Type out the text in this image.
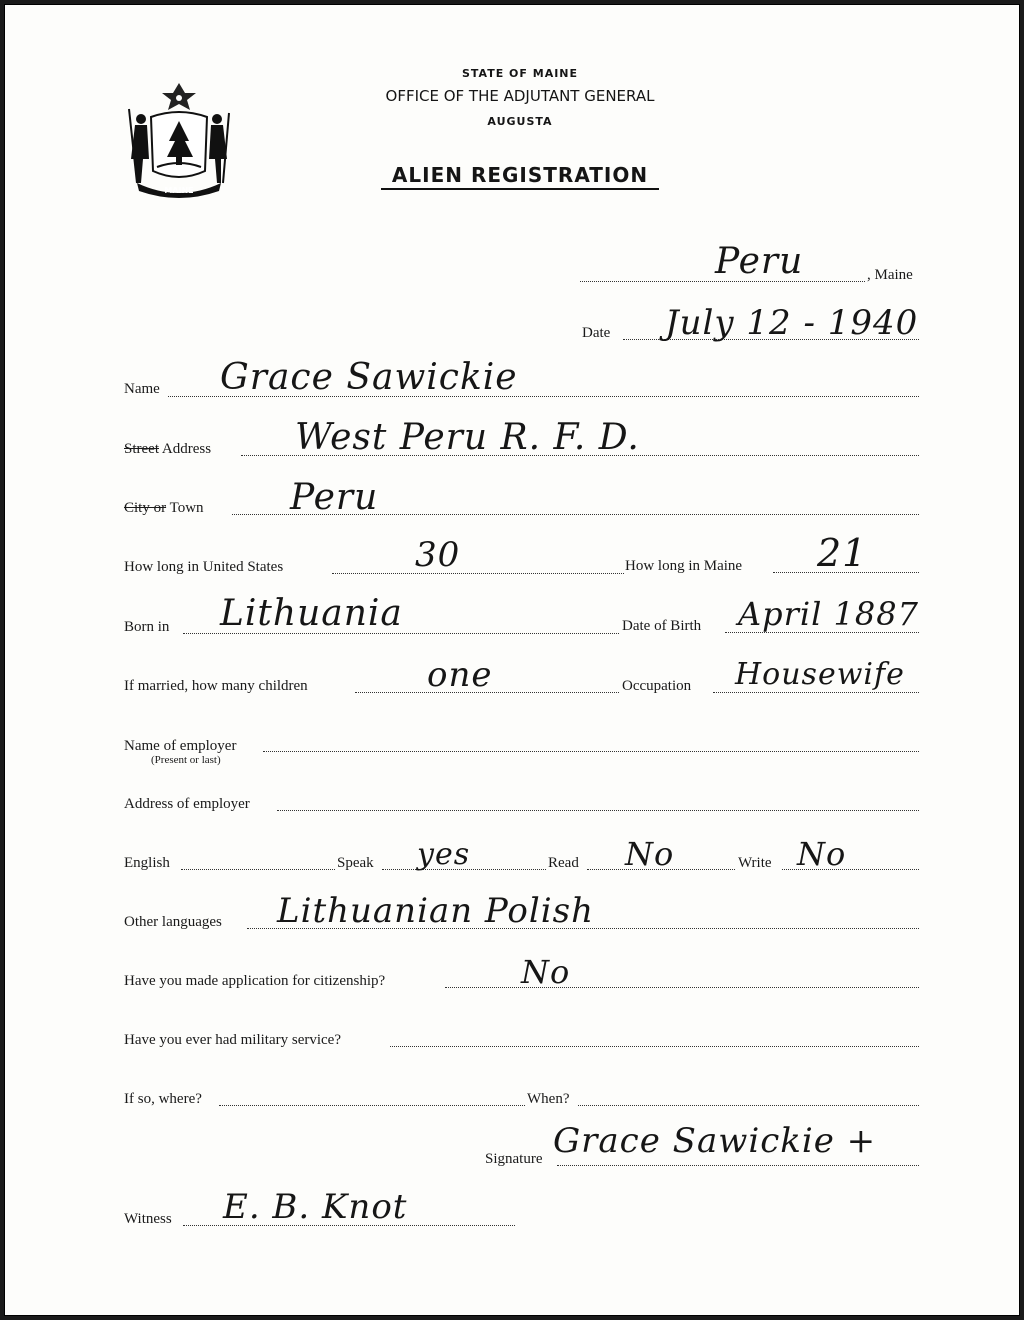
MAINE
STATE OF MAINE
OFFICE OF THE ADJUTANT GENERAL
AUGUSTA
ALIEN REGISTRATION
Peru	, Maine
Date July 12 - 1940
Name Grace Sawickie
Street Address West Peru R. F. D.
City or Town Peru
How long in United States	30	How long in Maine 21
Born in Lithuania	Date of Birth April 1887
If married, how many children	one	Occupation Housewife
Name of employer
(Present or last)
Address of employer
English	Speak yes	Read No	Write No
Other languages Lithuanian Polish
Have you made application for citizenship?	No
Have you ever had military service?
If so, where?	When?
Signature Grace Sawickie +
Witness E. B. Knot
